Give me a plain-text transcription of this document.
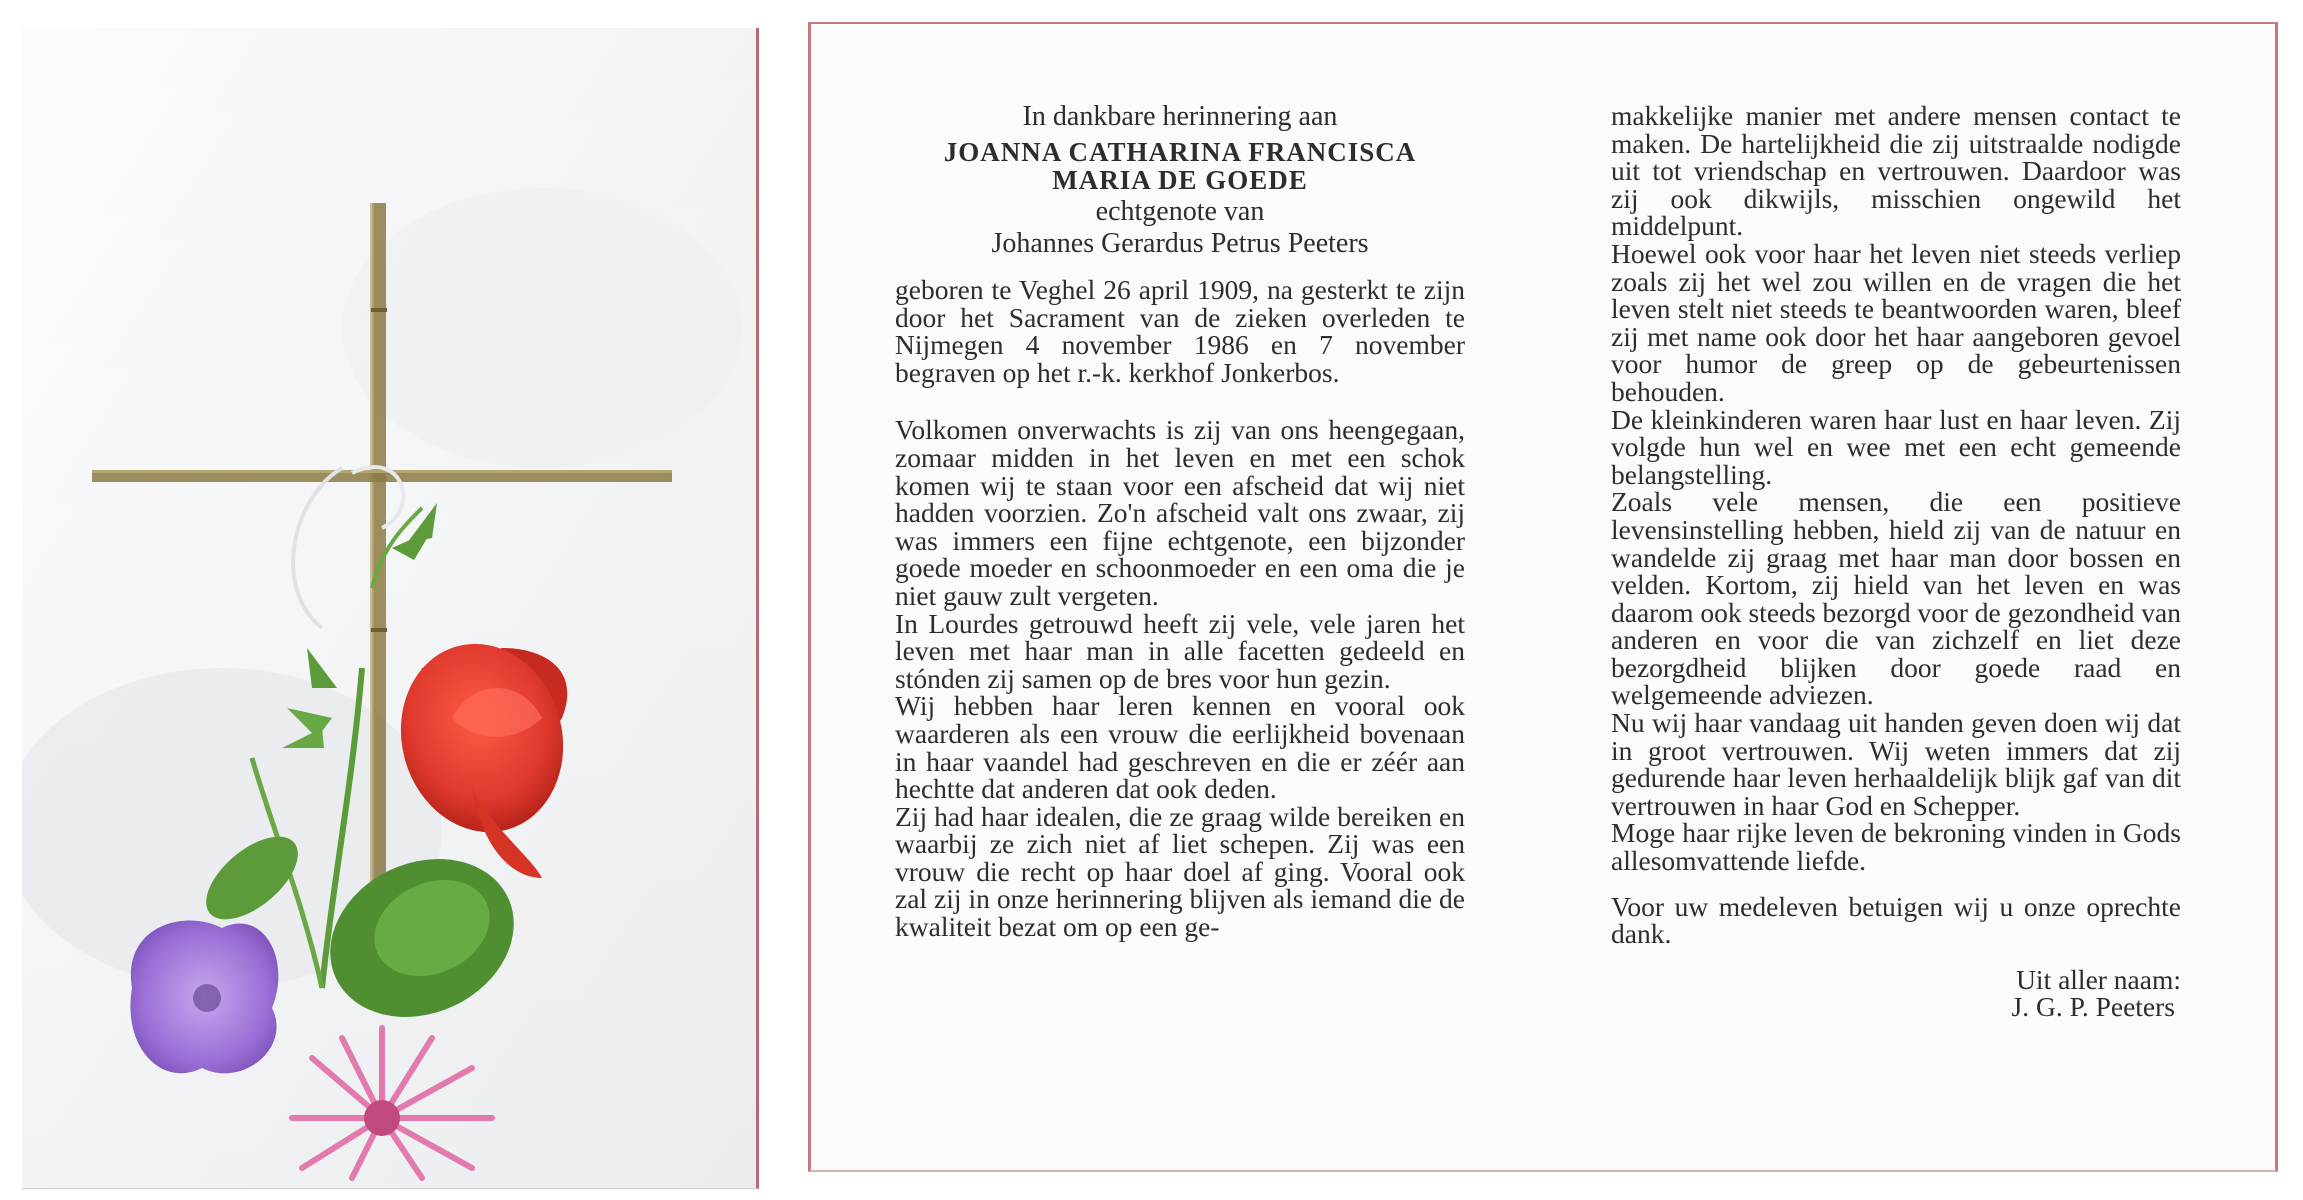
In dankbare herinnering aan
JOANNA CATHARINA FRANCISCA
MARIA DE GOEDE
echtgenote van
Johannes Gerardus Petrus Peeters

geboren te Veghel 26 april 1909, na gesterkt te zijn door het Sacrament van de zieken overleden te Nijmegen 4 november 1986 en 7 november begraven op het r.-k. kerkhof Jonkerbos.

Volkomen onverwachts is zij van ons heengegaan, zomaar midden in het leven en met een schok komen wij te staan voor een afscheid dat wij niet hadden voorzien. Zo'n afscheid valt ons zwaar, zij was immers een fijne echtgenote, een bijzonder goede moeder en schoonmoeder en een oma die je niet gauw zult vergeten.

In Lourdes getrouwd heeft zij vele, vele jaren het leven met haar man in alle facetten gedeeld en stónden zij samen op de bres voor hun gezin.

Wij hebben haar leren kennen en vooral ook waarderen als een vrouw die eerlijkheid bovenaan in haar vaandel had geschreven en die er zéér aan hechtte dat anderen dat ook deden.

Zij had haar idealen, die ze graag wilde bereiken en waarbij ze zich niet af liet schepen. Zij was een vrouw die recht op haar doel af ging. Vooral ook zal zij in onze herinnering blijven als iemand die de kwaliteit bezat om op een ge-

makkelijke manier met andere mensen contact te maken. De hartelijkheid die zij uitstraalde nodigde uit tot vriendschap en vertrouwen. Daardoor was zij ook dikwijls, misschien ongewild het middelpunt.

Hoewel ook voor haar het leven niet steeds verliep zoals zij het wel zou willen en de vragen die het leven stelt niet steeds te beantwoorden waren, bleef zij met name ook door het haar aangeboren gevoel voor humor de greep op de gebeurtenissen behouden.

De kleinkinderen waren haar lust en haar leven. Zij volgde hun wel en wee met een echt gemeende belangstelling.

Zoals vele mensen, die een positieve levensinstelling hebben, hield zij van de natuur en wandelde zij graag met haar man door bossen en velden. Kortom, zij hield van het leven en was daarom ook steeds bezorgd voor de gezondheid van anderen en voor die van zichzelf en liet deze bezorgdheid blijken door goede raad en welgemeende adviezen.

Nu wij haar vandaag uit handen geven doen wij dat in groot vertrouwen. Wij weten immers dat zij gedurende haar leven herhaaldelijk blijk gaf van dit vertrouwen in haar God en Schepper.

Moge haar rijke leven de bekroning vinden in Gods allesomvattende liefde.

Voor uw medeleven betuigen wij u onze oprechte dank.

Uit aller naam:
J. G. P. Peeters
